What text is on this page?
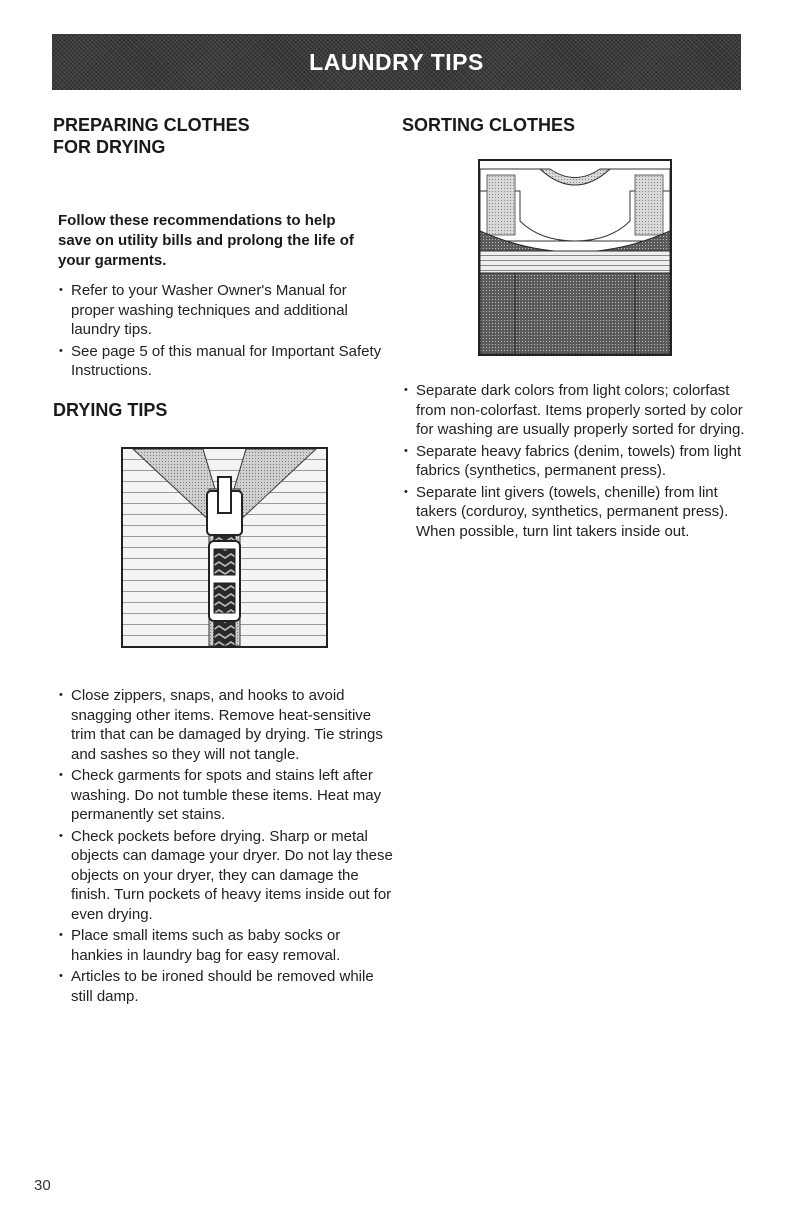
LAUNDRY TIPS
PREPARING CLOTHES
FOR DRYING

Follow these recommendations to help save on utility bills and prolong the life of your garments.

• Refer to your Washer Owner's Manual for proper washing techniques and additional laundry tips.
• See page 5 of this manual for Important Safety Instructions.
DRYING TIPS
• Close zippers, snaps, and hooks to avoid snagging other items. Remove heat-sensitive trim that can be damaged by drying. Tie strings and sashes so they will not tangle.
• Check garments for spots and stains left after washing. Do not tumble these items. Heat may permanently set stains.
• Check pockets before drying. Sharp or metal objects can damage your dryer. Do not lay these objects on your dryer, they can damage the finish. Turn pockets of heavy items inside out for even drying.
• Place small items such as baby socks or hankies in laundry bag for easy removal.
• Articles to be ironed should be removed while still damp.
SORTING CLOTHES
• Separate dark colors from light colors; colorfast from non-colorfast. Items properly sorted by color for washing are usually properly sorted for drying.
• Separate heavy fabrics (denim, towels) from light fabrics (synthetics, permanent press).
• Separate lint givers (towels, chenille) from lint takers (corduroy, synthetics, permanent press). When possible, turn lint takers inside out.
30
